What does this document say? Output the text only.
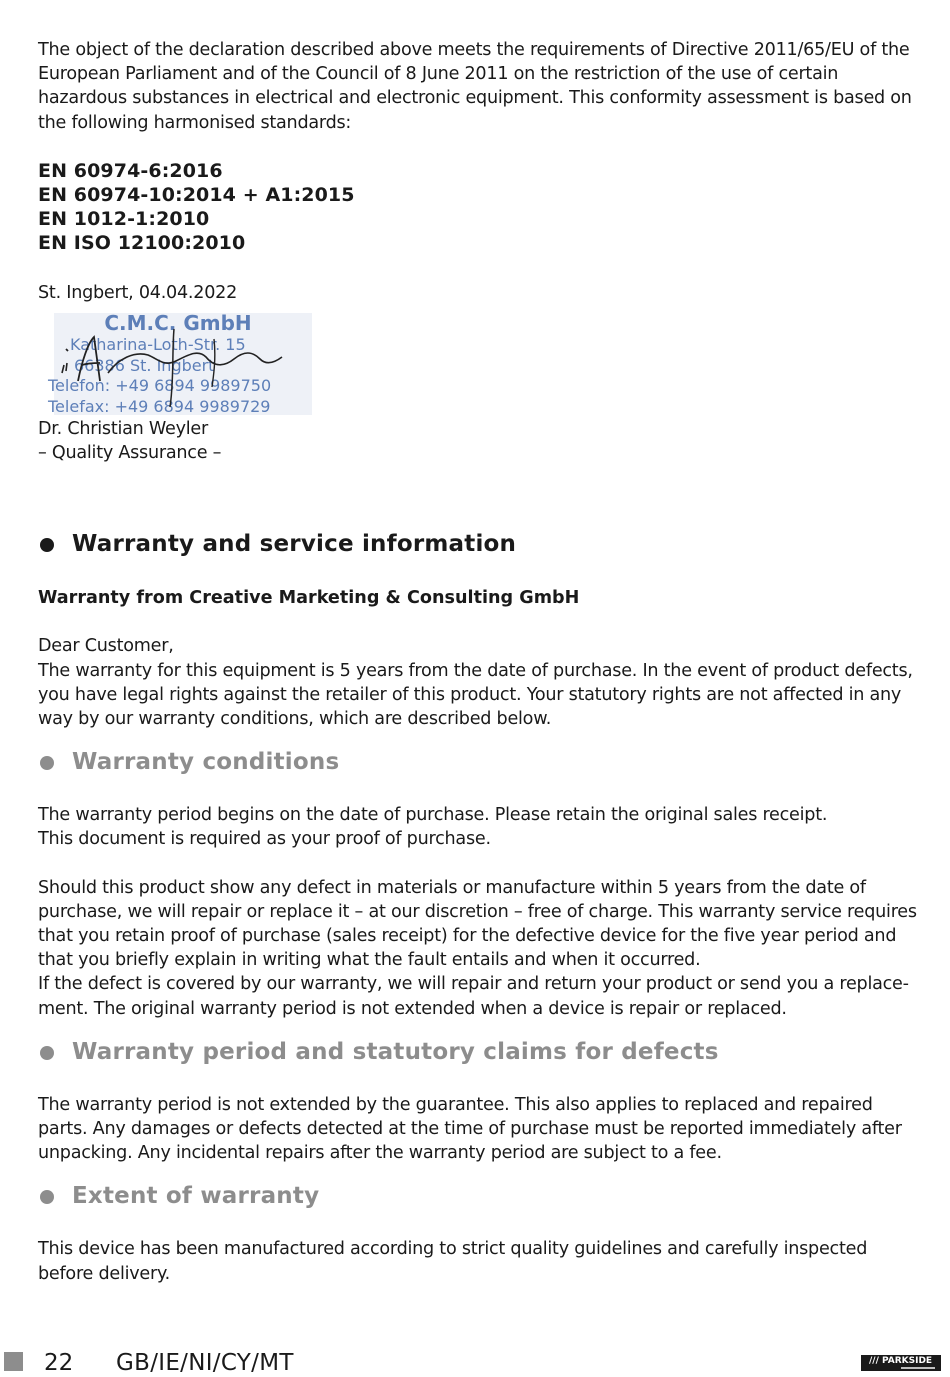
The object of the declaration described above meets the requirements of Directive 2011/65/EU of the European Parliament and of the Council of 8 June 2011 on the restriction of the use of certain hazardous substances in electrical and electronic equipment. This conformity assessment is based on the following harmonised standards:

EN 60974-6:2016
EN 60974-10:2014 + A1:2015
EN 1012-1:2010
EN ISO 12100:2010

St. Ingbert, 04.04.2022

C.M.C. GmbH
Katharina-Loth-Str. 15
66386 St. Ingbert
Telefon: +49 6894 9989750
Telefax: +49 6894 9989729

Dr. Christian Weyler

– Quality Assurance –

Warranty and service information
Warranty from Creative Marketing & Consulting GmbH

Dear Customer,

The warranty for this equipment is 5 years from the date of purchase. In the event of product defects, you have legal rights against the retailer of this product. Your statutory rights are not affected in any way by our warranty conditions, which are described below.

Warranty conditions

The warranty period begins on the date of purchase. Please retain the original sales receipt.

This document is required as your proof of purchase.

Should this product show any defect in materials or manufacture within 5 years from the date of purchase, we will repair or replace it – at our discretion – free of charge. This warranty service requires that you retain proof of purchase (sales receipt) for the defective device for the five year period and that you briefly explain in writing what the fault entails and when it occurred.

If the defect is covered by our warranty, we will repair and return your product or send you a replace-ment. The original warranty period is not extended when a device is repair or replaced.

Warranty period and statutory claims for defects

The warranty period is not extended by the guarantee. This also applies to replaced and repaired parts. Any damages or defects detected at the time of purchase must be reported immediately after unpacking. Any incidental repairs after the warranty period are subject to a fee.

Extent of warranty

This device has been manufactured according to strict quality guidelines and carefully inspected before delivery.

22 GB/IE/NI/CY/MT	/// PARKSIDE
